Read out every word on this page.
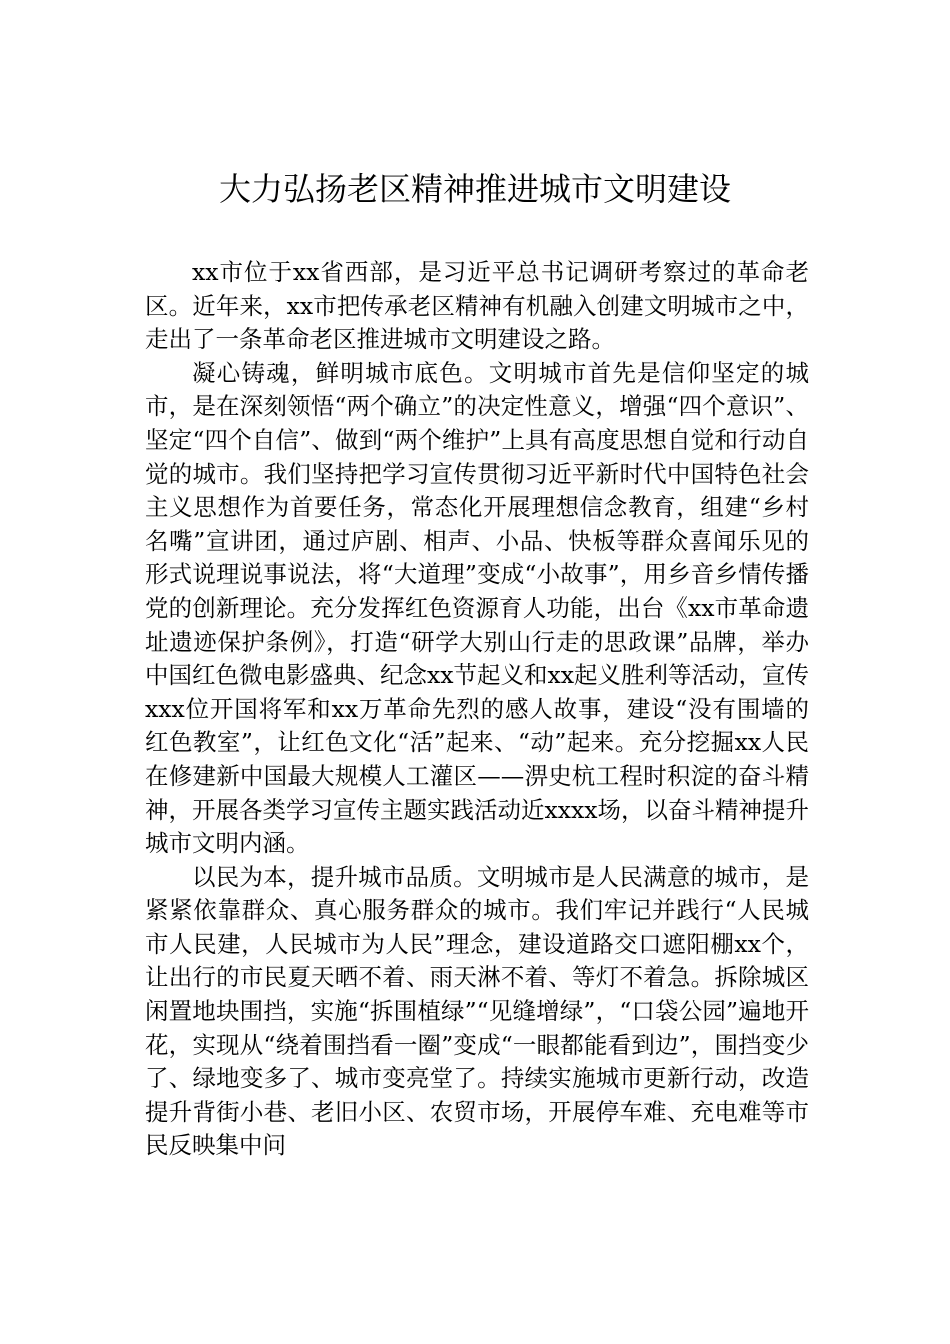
大力弘扬老区精神推进城市文明建设

xx市位于xx省西部，是习近平总书记调研考察过的革命老区。近年来，xx市把传承老区精神有机融入创建文明城市之中，走出了一条革命老区推进城市文明建设之路。

凝心铸魂，鲜明城市底色。文明城市首先是信仰坚定的城市，是在深刻领悟“两个确立”的决定性意义，增强“四个意识”、坚定“四个自信”、做到“两个维护”上具有高度思想自觉和行动自觉的城市。我们坚持把学习宣传贯彻习近平新时代中国特色社会主义思想作为首要任务，常态化开展理想信念教育，组建“乡村名嘴”宣讲团，通过庐剧、相声、小品、快板等群众喜闻乐见的形式说理说事说法，将“大道理”变成“小故事”，用乡音乡情传播党的创新理论。充分发挥红色资源育人功能，出台《xx市革命遗址遗迹保护条例》，打造“研学大别山行走的思政课”品牌，举办中国红色微电影盛典、纪念xx节起义和xx起义胜利等活动，宣传xxx位开国将军和xx万革命先烈的感人故事，建设“没有围墙的红色教室”，让红色文化“活”起来、“动”起来。充分挖掘xx人民在修建新中国最大规模人工灌区——淠史杭工程时积淀的奋斗精神，开展各类学习宣传主题实践活动近xxxx场，以奋斗精神提升城市文明内涵。

以民为本，提升城市品质。文明城市是人民满意的城市，是紧紧依靠群众、真心服务群众的城市。我们牢记并践行“人民城市人民建，人民城市为人民”理念，建设道路交口遮阳棚xx个，让出行的市民夏天晒不着、雨天淋不着、等灯不着急。拆除城区闲置地块围挡，实施“拆围植绿”“见缝增绿”，“口袋公园”遍地开花，实现从“绕着围挡看一圈”变成“一眼都能看到边”，围挡变少了、绿地变多了、城市变亮堂了。持续实施城市更新行动，改造提升背街小巷、老旧小区、农贸市场，开展停车难、充电难等市民反映集中问
